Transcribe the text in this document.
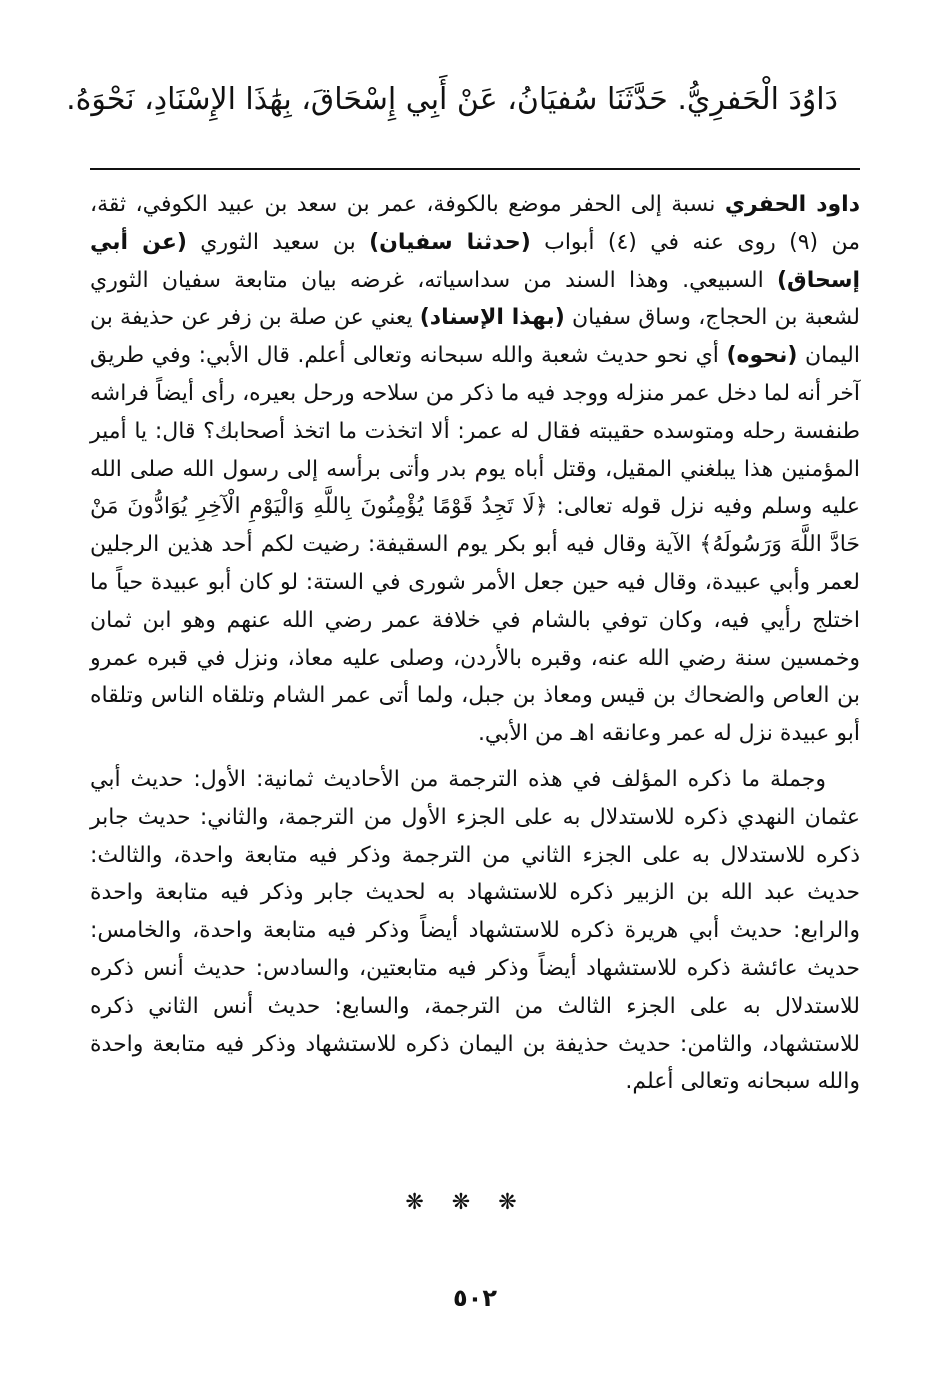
دَاوُدَ الْحَفرِيُّ. حَدَّثَنَا سُفيَانُ، عَنْ أَبِي إِسْحَاقَ، بِهَٰذَا الإِسْنَادِ، نَحْوَهُ.

داود الحفري نسبة إلى الحفر موضع بالكوفة، عمر بن سعد بن عبيد الكوفي، ثقة، من (٩) روى عنه في (٤) أبواب (حدثنا سفيان) بن سعيد الثوري (عن أبي إسحاق) السبيعي. وهذا السند من سداسياته، غرضه بيان متابعة سفيان الثوري لشعبة بن الحجاج، وساق سفيان (بهذا الإسناد) يعني عن صلة بن زفر عن حذيفة بن اليمان (نحوه) أي نحو حديث شعبة والله سبحانه وتعالى أعلم. قال الأبي: وفي طريق آخر أنه لما دخل عمر منزله ووجد فيه ما ذكر من سلاحه ورحل بعيره، رأى أيضاً فراشه طنفسة رحله ومتوسده حقيبته فقال له عمر: ألا اتخذت ما اتخذ أصحابك؟ قال: يا أمير المؤمنين هذا يبلغني المقيل، وقتل أباه يوم بدر وأتى برأسه إلى رسول الله صلى الله عليه وسلم وفيه نزل قوله تعالى: ﴿لَا تَجِدُ قَوْمًا يُؤْمِنُونَ بِاللَّهِ وَالْيَوْمِ الْآخِرِ يُوَادُّونَ مَنْ حَادَّ اللَّهَ وَرَسُولَهُ﴾ الآية وقال فيه أبو بكر يوم السقيفة: رضيت لكم أحد هذين الرجلين لعمر وأبي عبيدة، وقال فيه حين جعل الأمر شورى في الستة: لو كان أبو عبيدة حياً ما اختلج رأيي فيه، وكان توفي بالشام في خلافة عمر رضي الله عنهم وهو ابن ثمان وخمسين سنة رضي الله عنه، وقبره بالأردن، وصلى عليه معاذ، ونزل في قبره عمرو بن العاص والضحاك بن قيس ومعاذ بن جبل، ولما أتى عمر الشام وتلقاه الناس وتلقاه أبو عبيدة نزل له عمر وعانقه اهـ من الأبي.

وجملة ما ذكره المؤلف في هذه الترجمة من الأحاديث ثمانية: الأول: حديث أبي عثمان النهدي ذكره للاستدلال به على الجزء الأول من الترجمة، والثاني: حديث جابر ذكره للاستدلال به على الجزء الثاني من الترجمة وذكر فيه متابعة واحدة، والثالث: حديث عبد الله بن الزبير ذكره للاستشهاد به لحديث جابر وذكر فيه متابعة واحدة والرابع: حديث أبي هريرة ذكره للاستشهاد أيضاً وذكر فيه متابعة واحدة، والخامس: حديث عائشة ذكره للاستشهاد أيضاً وذكر فيه متابعتين، والسادس: حديث أنس ذكره للاستدلال به على الجزء الثالث من الترجمة، والسابع: حديث أنس الثاني ذكره للاستشهاد، والثامن: حديث حذيفة بن اليمان ذكره للاستشهاد وذكر فيه متابعة واحدة والله سبحانه وتعالى أعلم.

❋❋❋
٥٠٢
